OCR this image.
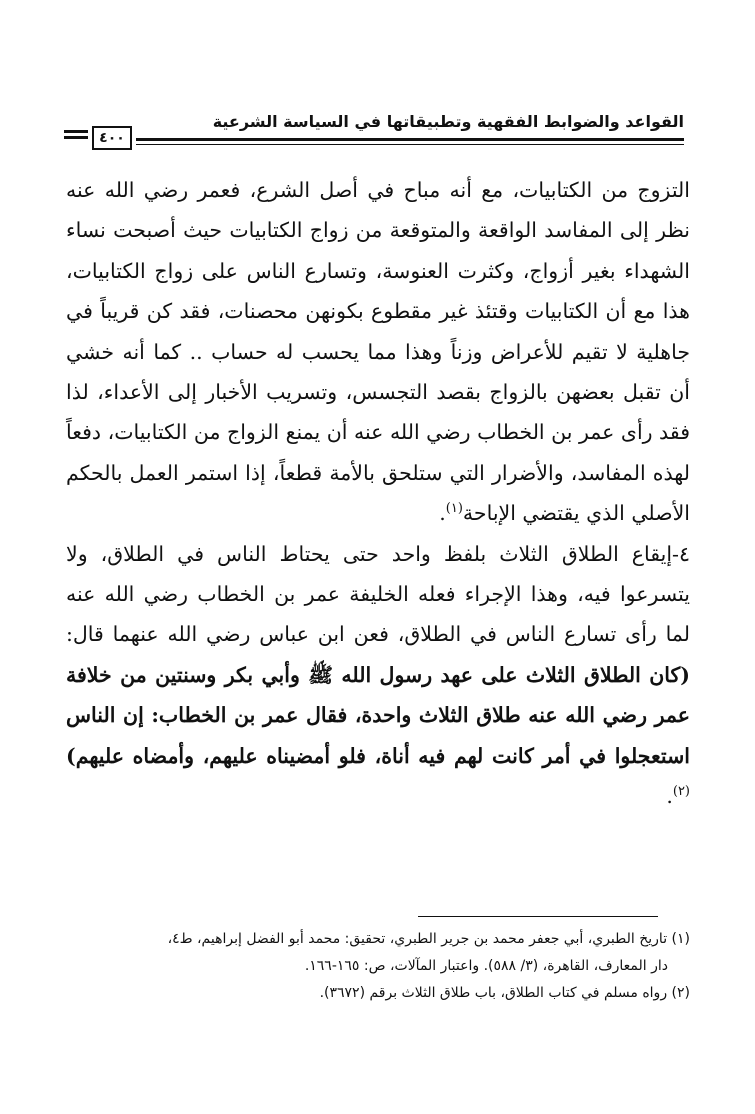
القواعد والضوابط الفقهية وتطبيقاتها في السياسة الشرعية
٤٠٠

التزوج من الكتابيات، مع أنه مباح في أصل الشرع، فعمر رضي الله عنه نظر إلى المفاسد الواقعة والمتوقعة من زواج الكتابيات حيث أصبحت نساء الشهداء بغير أزواج، وكثرت العنوسة، وتسارع الناس على زواج الكتابيات، هذا مع أن الكتابيات وقتئذ غير مقطوع بكونهن محصنات، فقد كن قريباً في جاهلية لا تقيم للأعراض وزناً وهذا مما يحسب له حساب .. كما أنه خشي أن تقبل بعضهن بالزواج بقصد التجسس، وتسريب الأخبار إلى الأعداء، لذا فقد رأى عمر بن الخطاب رضي الله عنه أن يمنع الزواج من الكتابيات، دفعاً لهذه المفاسد، والأضرار التي ستلحق بالأمة قطعاً، إذا استمر العمل بالحكم الأصلي الذي يقتضي الإباحة$^{(١)}$.

٤-إيقاع الطلاق الثلاث بلفظ واحد حتى يحتاط الناس في الطلاق، ولا يتسرعوا فيه، وهذا الإجراء فعله الخليفة عمر بن الخطاب رضي الله عنه لما رأى تسارع الناس في الطلاق، فعن ابن عباس رضي الله عنهما قال: (كان الطلاق الثلاث على عهد رسول الله ﷺ وأبي بكر وسنتين من خلافة عمر رضي الله عنه طلاق الثلاث واحدة، فقال عمر بن الخطاب: إن الناس استعجلوا في أمر كانت لهم فيه أناة، فلو أمضيناه عليهم، وأمضاه عليهم)$^{(٢)}$.

(١) تاريخ الطبري، أبي جعفر محمد بن جرير الطبري، تحقيق: محمد أبو الفضل إبراهيم، ط٤،

دار المعارف، القاهرة، (٣/ ٥٨٨). واعتبار المآلات، ص: ١٦٥-١٦٦.

(٢) رواه مسلم في كتاب الطلاق، باب طلاق الثلاث برقم (٣٦٧٢).
